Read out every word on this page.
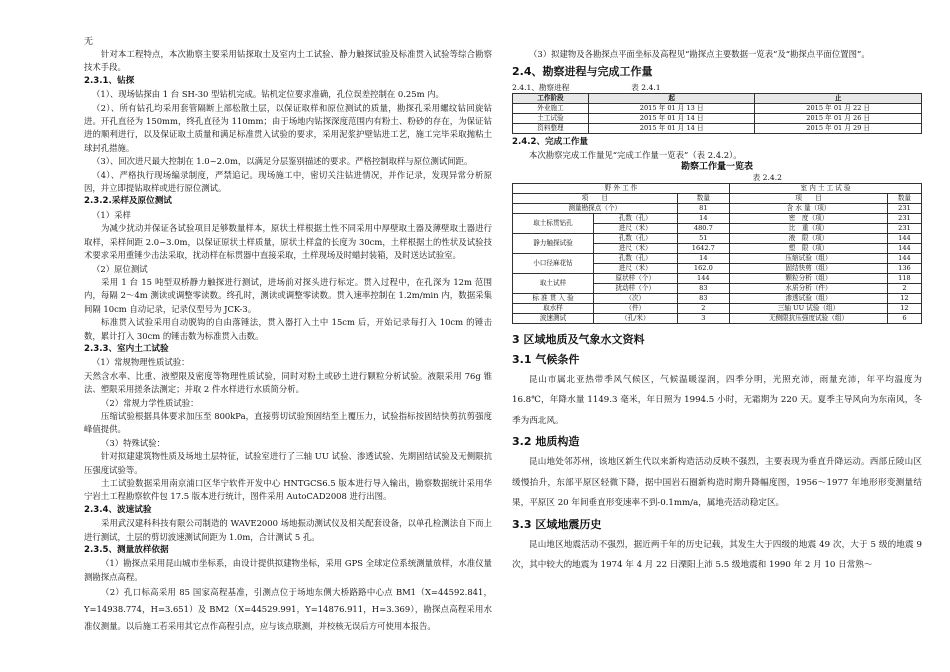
无

针对本工程特点，本次勘察主要采用钻探取土及室内土工试验、静力触探试验及标准贯入试验等综合勘察技术手段。

2.3.1、钻探

（1）、现场钻探由 1 台 SH-30 型钻机完成。钻机定位要求准确，孔位误差控制在 0.25m 内。

（2）、所有钻孔均采用套管隔断上部松散土层，以保证取样和原位测试的质量，勘探孔采用螺纹钻回旋钻进。开孔直径为 150mm，终孔直径为 110mm；由于场地内钻探深度范围内有粉土、粉砂的存在，为保证钻进的顺利进行，以及保证取土质量和满足标准贯入试验的要求，采用泥浆护壁钻进工艺，施工完毕采取抛粘土球封孔措施。

（3）、回次进尺最大控制在 1.0~2.0m，以满足分层鉴别描述的要求。严格控制取样与原位测试间距。

（4）、严格执行现场编录制度，严禁追记。现场施工中，密切关注钻进情况，并作记录，发现异常分析原因，并立即提钻取样或进行原位测试。

2.3.2.采样及原位测试

（1）采样

为减少扰动并保证各试验项目足够数量样本，原状土样根据土性不同采用中厚壁取土器及薄壁取土器进行取样，采样间距 2.0~3.0m，以保证原状土样质量，原状土样盒的长度为 30cm，土样根据土的性状及试验技术要求采用重锤少击法采取，扰动样在标贯器中直接采取，土样现场及时蜡封装箱，及时送达试验室。

（2）原位测试

采用 1 台 15 吨型双桥静力触探进行测试，进场前对探头进行标定。贯入过程中，在孔深为 12m 范围内，每隔 2～4m 测读或调整零读数。终孔时，测读或调整零读数。贯入速率控制在 1.2m/min 内，数据采集间隔 10cm 自动记录，记录仪型号为 JCK-3。

标准贯入试验采用自动脱钩的自由落锤法，贯入器打入土中 15cm 后，开始记录每打入 10cm 的锤击数，累计打入 30cm 的锤击数为标准贯入击数。

2.3.3、室内土工试验

（1）常规物理性质试验：

天然含水率、比重、液塑限及密度等物理性质试验，同时对粉土或砂土进行颗粒分析试验。液限采用 76g 锥法、塑限采用搓条法测定；并取 2 件水样进行水质简分析。

（2）常规力学性质试验：

压缩试验根据具体要求加压至 800kPa，直接剪切试验预固结至上覆压力，试验指标按固结快剪抗剪强度峰值提供。

（3）特殊试验：

针对拟建建筑物性质及场地土层特征，试验室进行了三轴 UU 试验、渗透试验、先期固结试验及无侧限抗压强度试验等。

土工试验数据采用南京浦口区华宁软件开发中心 HNTGCS6.5 版本进行导入输出，勘察数据统计采用华宁岩土工程勘察软件包 17.5 版本进行统计，图件采用 AutoCAD2008 进行出图。

2.3.4、波速试验

采用武汉建科科技有限公司制造的 WAVE2000 场地振动测试仪及相关配套设备，以单孔检测法自下而上进行测试，土层的剪切波速测试间距为 1.0m，合计测试 5 孔。

2.3.5、测量放样依据

（1）勘探点采用昆山城市坐标系，由设计提供拟建物坐标，采用 GPS 全球定位系统测量放样，水准仪量测勘探点高程。

（2）孔口标高采用 85 国家高程基准，引测点位于场地东侧大桥路路中心点 BM1（X=44592.841，Y=14938.774，H=3.651）及 BM2（X=44529.991，Y=14876.911，H=3.369），勘探点高程采用水准仪测量。以后施工若采用其它点作高程引点，应与该点联测，并校核无误后方可使用本报告。

（3）拟建物及各勘探点平面坐标及高程见“勘探点主要数据一览表”及“勘探点平面位置图”。

2.4、勘察进程与完成工作量
2.4.1、勘察进程	表 2.4.1
工作阶段	起	止
外业施工	2015 年 01 月 13 日	2015 年 01 月 22 日
土工试验	2015 年 01 月 14 日	2015 年 01 月 26 日
资料整理	2015 年 01 月 14 日	2015 年 01 月 29 日
2.4.2、完成工作量

本次勘察完成工作量见“完成工作量一览表”（表 2.4.2）。

勘察工作量一览表
表 2.4.2
野 外 工 作			室 内 土 工 试 验	
项　　目		数量	项　　目	数量
测量勘探点（个）		81	含 水 量（项）	231
取土标贯钻孔	孔数（孔）	14	密　度（项）	231
	进尺（米）	480.7	比　重（项）	231
静力触探试验	孔数（孔）	51	液　限（项）	144
	进尺（米）	1642.7	塑　限（项）	144
小口径麻花钻	孔数（孔）	14	压缩试验（组）	144
	进尺（米）	162.0	固结快剪（组）	136
取土试样	原状样（个）	144	颗粒分析（组）	118
	扰动样（个）	83	水质分析（件）	2
标 准 贯 入 验	（次）	83	渗透试验（组）	12
取水样	（件）	2	三轴 UU 试验（组）	12
波速测试	（孔/米）	3	无侧限抗压强度试验（组）	6
3 区域地质及气象水文资料
3.1 气候条件

昆山市属北亚热带季风气候区，气候温暖湿润，四季分明，光照充沛，雨量充沛，年平均温度为 16.8℃，年降水量 1149.3 毫米，年日照为 1994.5 小时，无霜期为 220 天。夏季主导风向为东南风，冬季为西北风。

3.2 地质构造

昆山地处邻苏州，该地区新生代以来新构造活动反映不强烈，主要表现为垂直升降运动。西部丘陵山区缓慢抬升，东部平原区轻微下降，据中国岩石圈新构造时期升降幅度图，1956～1977 年地形形变测量结果，平原区 20 年间垂直形变速率不到-0.1mm/a，属地壳活动稳定区。

3.3 区域地震历史

昆山地区地震活动不强烈，据近两千年的历史记载，其发生大于四级的地震 49 次，大于 5 级的地震 9 次，其中较大的地震为 1974 年 4 月 22 日溧阳上沛 5.5 级地震和 1990 年 2 月 10 日常熟～
